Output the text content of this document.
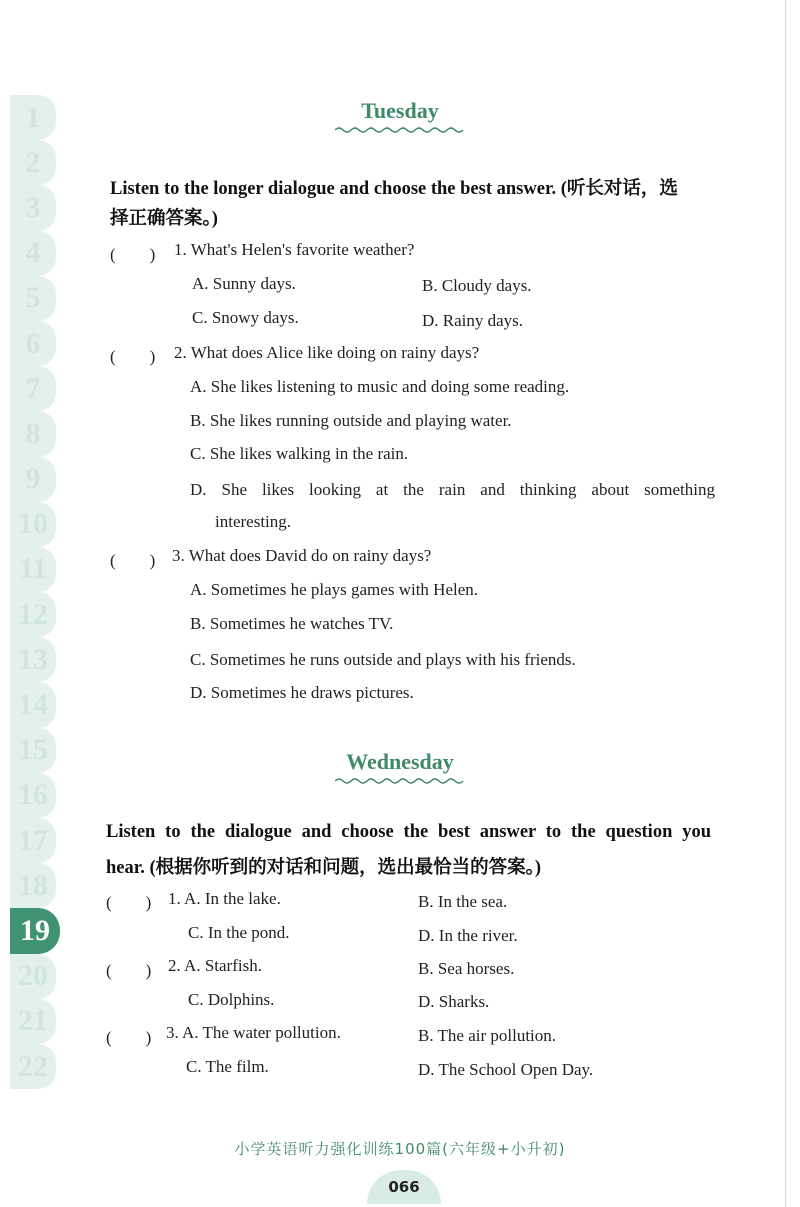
1
2
3
4
5
6
7
8
9
10
11
12
13
14
15
16
17
18
19
20
21
22
Tuesday
Listen to the longer dialogue and choose the best answer. (听长对话，选
择正确答案。)
(　　) 1. What's Helen's favorite weather?
A. Sunny days.	B. Cloudy days.
C. Snowy days.	D. Rainy days.
(　　) 2. What does Alice like doing on rainy days?
A. She likes listening to music and doing some reading.
B. She likes running outside and playing water.
C. She likes walking in the rain.
D. She likes looking at the rain and thinking about something
interesting.
(　　) 3. What does David do on rainy days?
A. Sometimes he plays games with Helen.
B. Sometimes he watches TV.
C. Sometimes he runs outside and plays with his friends.
D. Sometimes he draws pictures.
Wednesday
Listen to the dialogue and choose the best answer to the question you
hear. (根据你听到的对话和问题，选出最恰当的答案。)
(　　) 1. A. In the lake.	B. In the sea.
C. In the pond.	D. In the river.
(　　) 2. A. Starfish.	B. Sea horses.
C. Dolphins.	D. Sharks.
(　　) 3. A. The water pollution.	B. The air pollution.
C. The film.	D. The School Open Day.
小学英语听力强化训练100篇(六年级+小升初)
066
